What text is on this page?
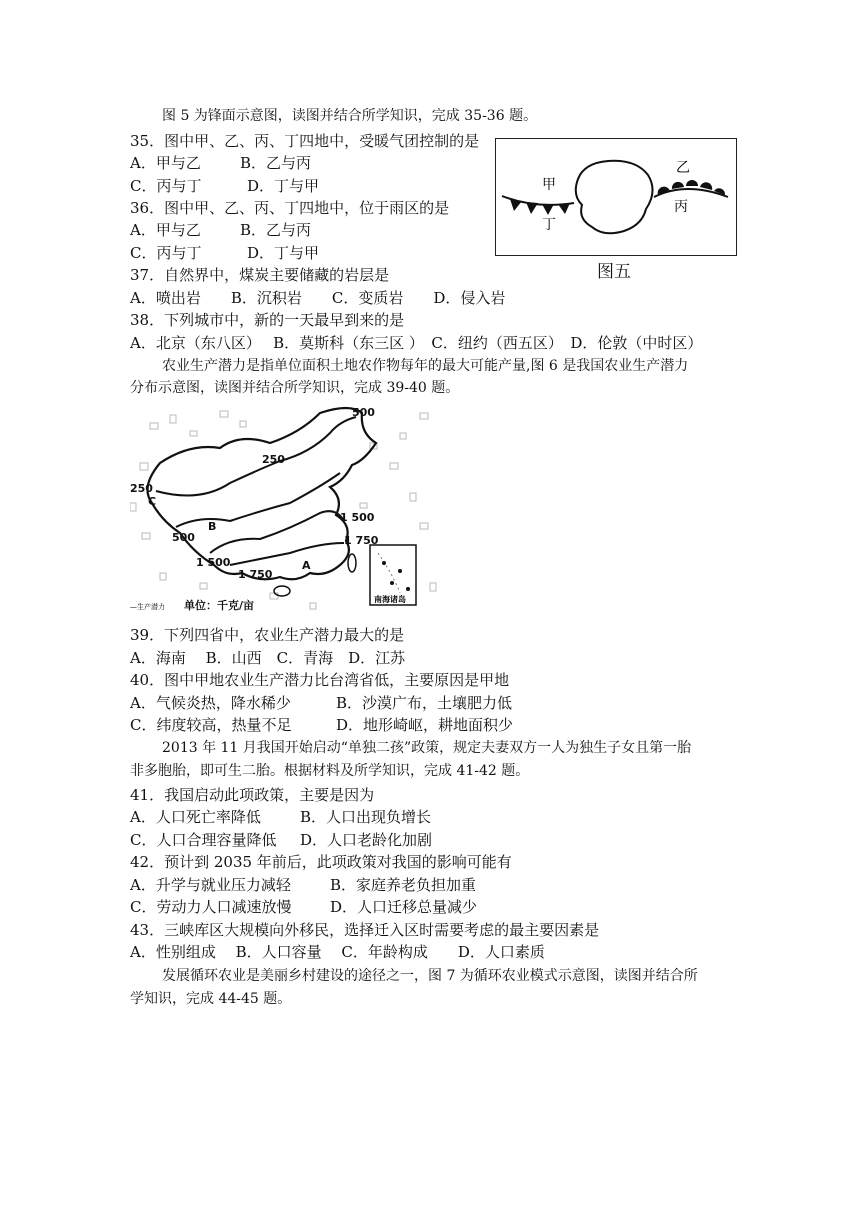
图 5 为锋面示意图，读图并结合所学知识，完成 35-36 题。
35．图中甲、乙、丙、丁四地中，受暖气团控制的是
A．甲与乙	B．乙与丙
C．丙与丁	D．丁与甲
36．图中甲、乙、丙、丁四地中，位于雨区的是
A．甲与乙	B．乙与丙
C．丙与丁	D．丁与甲
甲
丁
乙
丙
图五
37．自然界中，煤炭主要储藏的岩层是
A．喷出岩　　B．沉积岩　　C．变质岩　　D．侵入岩
38．下列城市中，新的一天最早到来的是
A．北京（东八区）　 B．莫斯科（东三区 ）　C．纽约（西五区）　D．伦敦（中时区）
农业生产潜力是指单位面积土地农作物每年的最大可能产量,图 6 是我国农业生产潜力
分布示意图，读图并结合所学知识，完成 39-40 题。
500
250
250
1 500
1 750
500
1 500
1 750
A
B
C
—生产潜力 单位：千克/亩	南海诸岛
39．下列四省中，农业生产潜力最大的是
A．海南　 B．山西　C．青海　D．江苏
40．图中甲地农业生产潜力比台湾省低，主要原因是甲地
A．气候炎热，降水稀少	B．沙漠广布，土壤肥力低
C．纬度较高，热量不足	D．地形崎岖，耕地面积少
2013 年 11 月我国开始启动“单独二孩”政策，规定夫妻双方一人为独生子女且第一胎
非多胞胎，即可生二胎。根据材料及所学知识，完成 41-42 题。
41．我国启动此项政策，主要是因为
A．人口死亡率降低	B．人口出现负增长
C．人口合理容量降低 D．人口老龄化加剧
42．预计到 2035 年前后，此项政策对我国的影响可能有
A．升学与就业压力减轻	B．家庭养老负担加重
C．劳动力人口减速放慢	D．人口迁移总量减少
43．三峡库区大规模向外移民，选择迁入区时需要考虑的最主要因素是
A．性别组成　 B．人口容量　 C．年龄构成　　D．人口素质
发展循环农业是美丽乡村建设的途径之一，图 7 为循环农业模式示意图，读图并结合所
学知识，完成 44-45 题。
